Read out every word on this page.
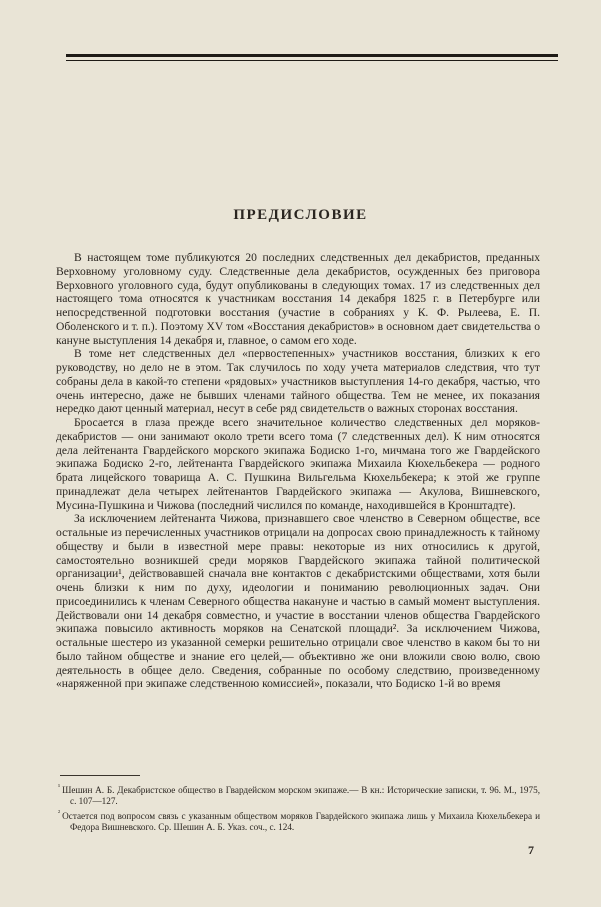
ПРЕДИСЛОВИЕ

В настоящем томе публикуются 20 последних следственных дел декабристов, преданных Верховному уголовному суду. Следственные дела декабристов, осужденных без приговора Верховного уголовного суда, будут опубликованы в следующих томах. 17 из следственных дел настоящего тома относятся к участникам восстания 14 декабря 1825 г. в Петербурге или непосредственной подготовки восстания (участие в собраниях у К. Ф. Рылеева, Е. П. Оболенского и т. п.). Поэтому XV том «Восстания декабристов» в основном дает свидетельства о кануне выступления 14 декабря и, главное, о самом его ходе.

В томе нет следственных дел «первостепенных» участников восстания, близких к его руководству, но дело не в этом. Так случилось по ходу учета материалов следствия, что тут собраны дела в какой-то степени «рядовых» участников выступления 14-го декабря, частью, что очень интересно, даже не бывших членами тайного общества. Тем не менее, их показания нередко дают ценный материал, несут в себе ряд свидетельств о важных сторонах восстания.

Бросается в глаза прежде всего значительное количество следственных дел моряков-декабристов — они занимают около трети всего тома (7 следственных дел). К ним относятся дела лейтенанта Гвардейского морского экипажа Бодиско 1-го, мичмана того же Гвардейского экипажа Бодиско 2-го, лейтенанта Гвардейского экипажа Михаила Кюхельбекера — родного брата лицейского товарища А. С. Пушкина Вильгельма Кюхельбекера; к этой же группе принадлежат дела четырех лейтенантов Гвардейского экипажа — Акулова, Вишневского, Мусина-Пушкина и Чижова (последний числился по команде, находившейся в Кронштадте).

За исключением лейтенанта Чижова, признавшего свое членство в Северном обществе, все остальные из перечисленных участников отрицали на допросах свою принадлежность к тайному обществу и были в известной мере правы: некоторые из них относились к другой, самостоятельно возникшей среди моряков Гвардейского экипажа тайной политической организации¹, действовавшей сначала вне контактов с декабристскими обществами, хотя были очень близки к ним по духу, идеологии и пониманию революционных задач. Они присоединились к членам Северного общества накануне и частью в самый момент выступления. Действовали они 14 декабря совместно, и участие в восстании членов общества Гвардейского экипажа повысило активность моряков на Сенатской площади². За исключением Чижова, остальные шестеро из указанной семерки решительно отрицали свое членство в каком бы то ни было тайном обществе и знание его целей,— объективно же они вложили свою волю, свою деятельность в общее дело. Сведения, собранные по особому следствию, произведенному «наряженной при экипаже следственною комиссией», показали, что Бодиско 1-й во время

$^{^1}$ Шешин А. Б. Декабристское общество в Гвардейском морском экипаже.— В кн.: Исторические записки, т. 96. М., 1975, с. 107—127.

$^{^2}$ Остается под вопросом связь с указанным обществом моряков Гвардейского экипажа лишь у Михаила Кюхельбекера и Федора Вишневского. Ср. Шешин А. Б. Указ. соч., с. 124.

7
